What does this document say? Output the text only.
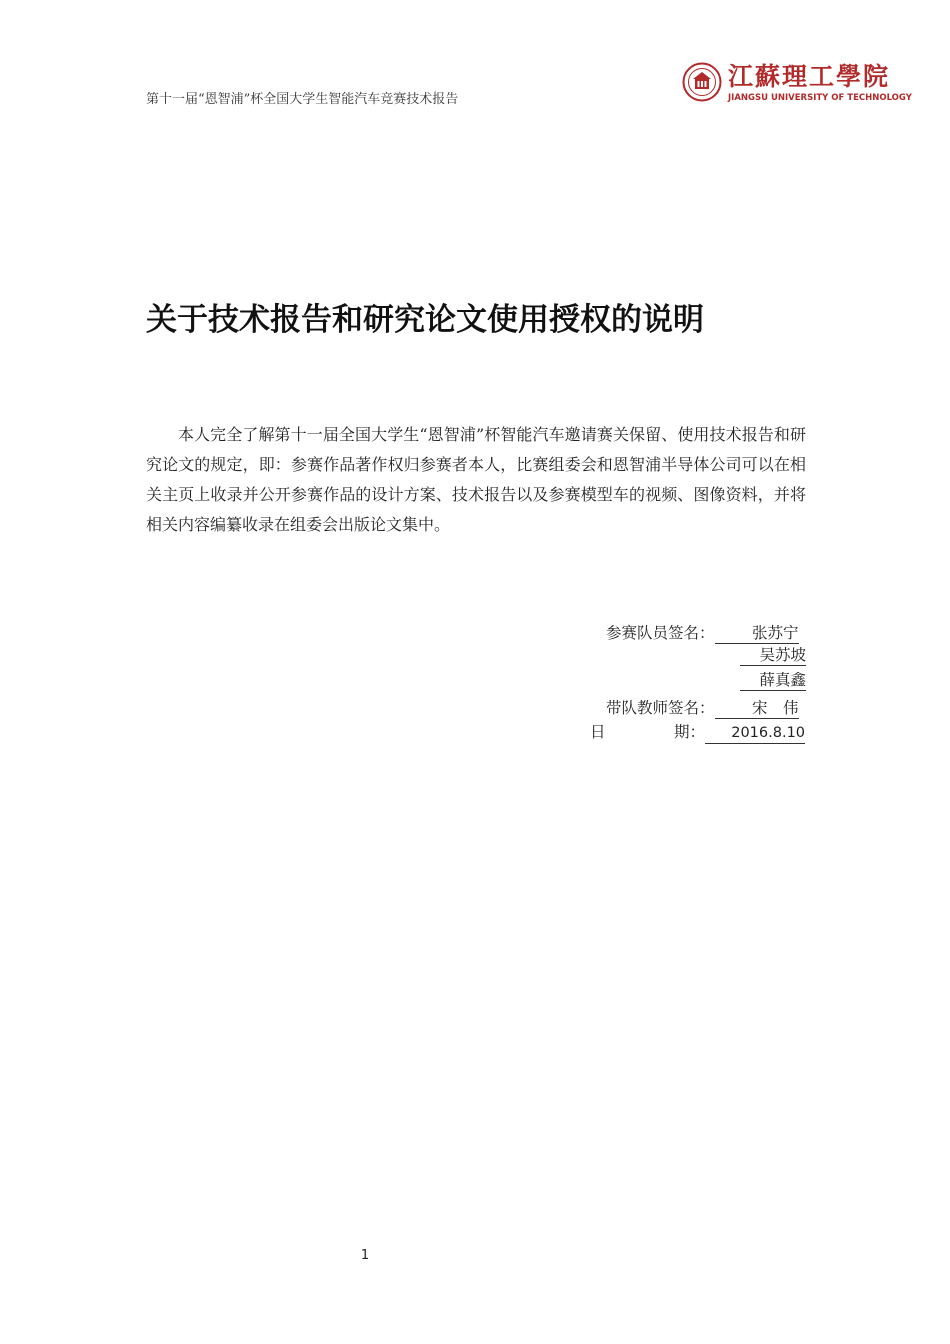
第十一届“恩智浦”杯全国大学生智能汽车竞赛技术报告
江蘇理工學院
JIANGSU UNIVERSITY OF TECHNOLOGY
关于技术报告和研究论文使用授权的说明
本人完全了解第十一届全国大学生“恩智浦”杯智能汽车邀请赛关保留、使用技术报告和研究论文的规定，即：参赛作品著作权归参赛者本人，比赛组委会和恩智浦半导体公司可以在相关主页上收录并公开参赛作品的设计方案、技术报告以及参赛模型车的视频、图像资料，并将相关内容编纂收录在组委会出版论文集中。
参赛队员签名： 张苏宁
吴苏坡
薛真鑫
带队教师签名： 宋　伟
日	期： 2016.8.10
1
